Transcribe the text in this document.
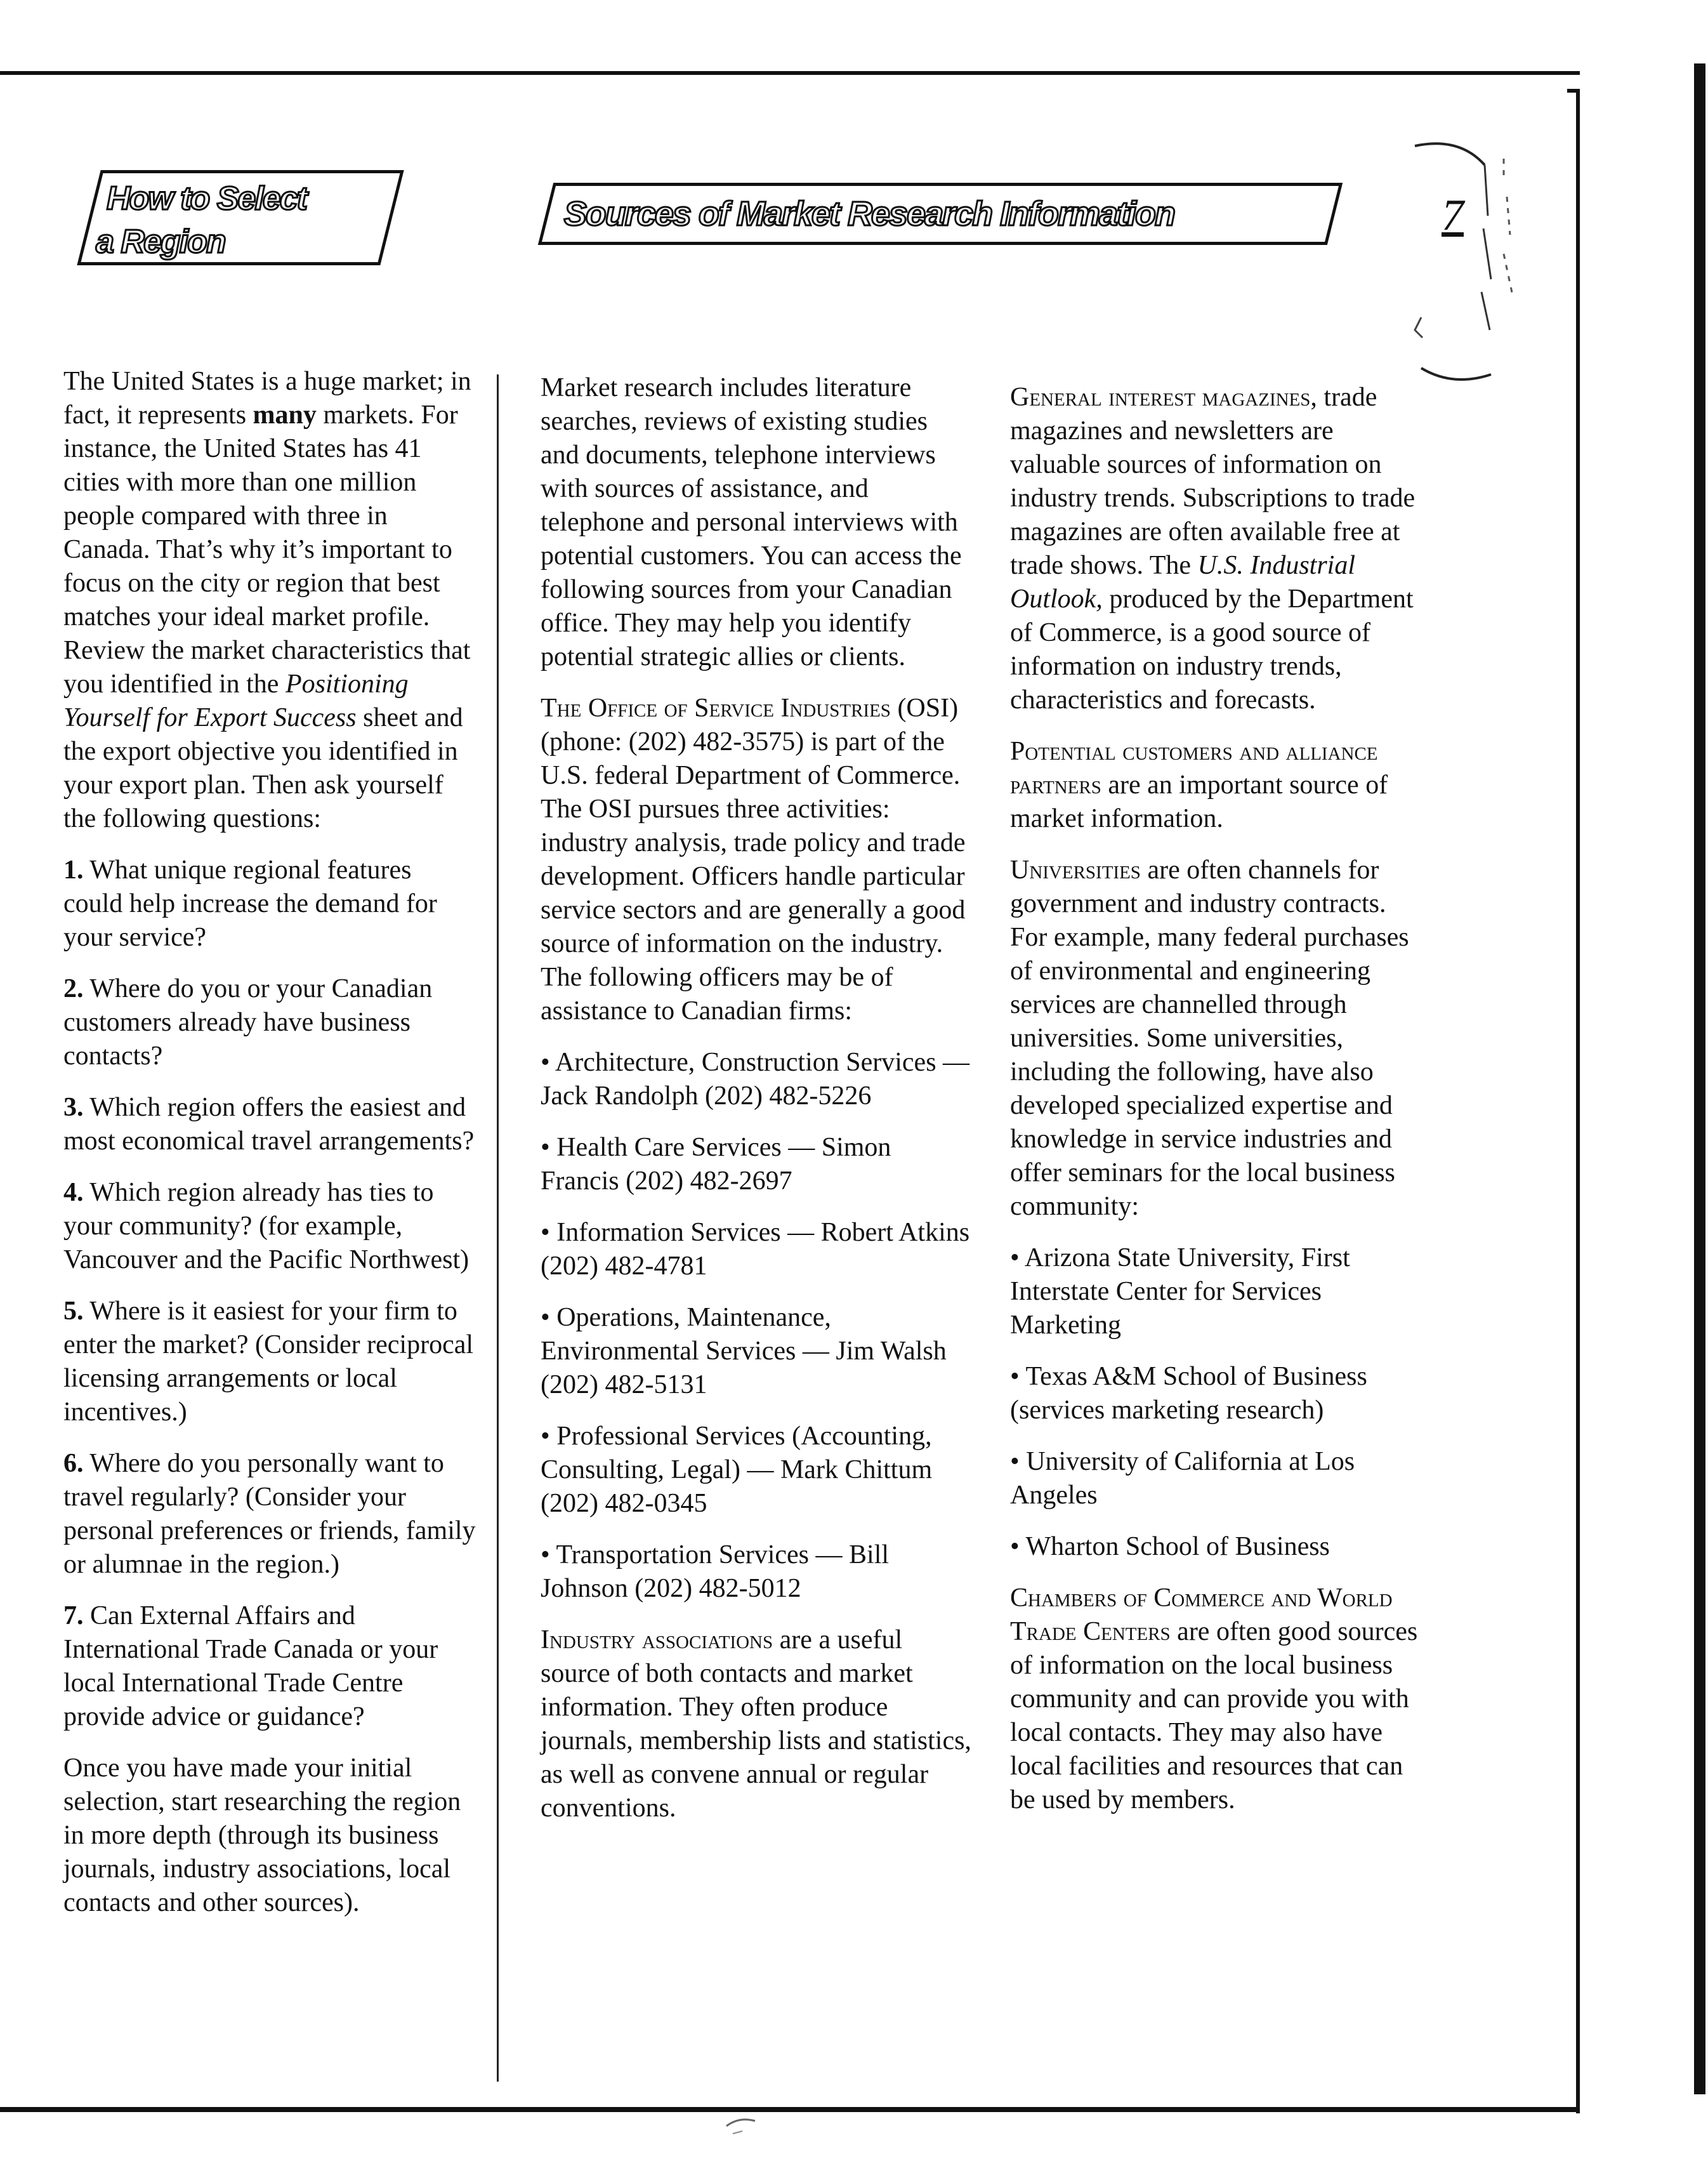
How to Select
a Region
Sources of Market Research Information	7

The United States is a huge market; in fact, it represents many markets. For instance, the United States has 41 cities with more than one million people compared with three in Canada. That’s why it’s important to focus on the city or region that best matches your ideal market profile. Review the market characteristics that you identified in the Positioning Yourself for Export Success sheet and the export objective you identified in your export plan. Then ask yourself the following questions:

1. What unique regional features could help increase the demand for your service?

2. Where do you or your Canadian customers already have business contacts?

3. Which region offers the easiest and most economical travel arrangements?

4. Which region already has ties to your community? (for example, Vancouver and the Pacific Northwest)

5. Where is it easiest for your firm to enter the market? (Consider reciprocal licensing arrangements or local incentives.)

6. Where do you personally want to travel regularly? (Consider your personal preferences or friends, family or alumnae in the region.)

7. Can External Affairs and International Trade Canada or your local International Trade Centre provide advice or guidance?

Once you have made your initial selection, start researching the region in more depth (through its business journals, industry associations, local contacts and other sources).

Market research includes literature searches, reviews of existing studies and documents, telephone interviews with sources of assistance, and telephone and personal interviews with potential customers. You can access the following sources from your Canadian office. They may help you identify potential strategic allies or clients.

The Office of Service Industries (OSI) (phone: (202) 482-3575) is part of the U.S. federal Department of Commerce. The OSI pursues three activities: industry analysis, trade policy and trade development. Officers handle particular service sectors and are generally a good source of information on the industry. The following officers may be of assistance to Canadian firms:

• Architecture, Construction Services — Jack Randolph (202) 482-5226

• Health Care Services — Simon Francis (202) 482-2697

• Information Services — Robert Atkins (202) 482-4781

• Operations, Maintenance, Environmental Services — Jim Walsh (202) 482-5131

• Professional Services (Accounting, Consulting, Legal) — Mark Chittum (202) 482-0345

• Transportation Services — Bill Johnson (202) 482-5012

Industry associations are a useful source of both contacts and market information. They often produce journals, membership lists and statistics, as well as convene annual or regular conventions.

General interest magazines, trade magazines and newsletters are valuable sources of information on industry trends. Subscriptions to trade magazines are often available free at trade shows. The U.S. Industrial Outlook, produced by the Department of Commerce, is a good source of information on industry trends, characteristics and forecasts.

Potential customers and alliance partners are an important source of market information.

Universities are often channels for government and industry contracts. For example, many federal purchases of environmental and engineering services are channelled through universities. Some universities, including the following, have also developed specialized expertise and knowledge in service industries and offer seminars for the local business community:

• Arizona State University, First Interstate Center for Services Marketing

• Texas A&M School of Business (services marketing research)

• University of California at Los Angeles

• Wharton School of Business

Chambers of Commerce and World Trade Centers are often good sources of information on the local business community and can provide you with local contacts. They may also have local facilities and resources that can be used by members.
